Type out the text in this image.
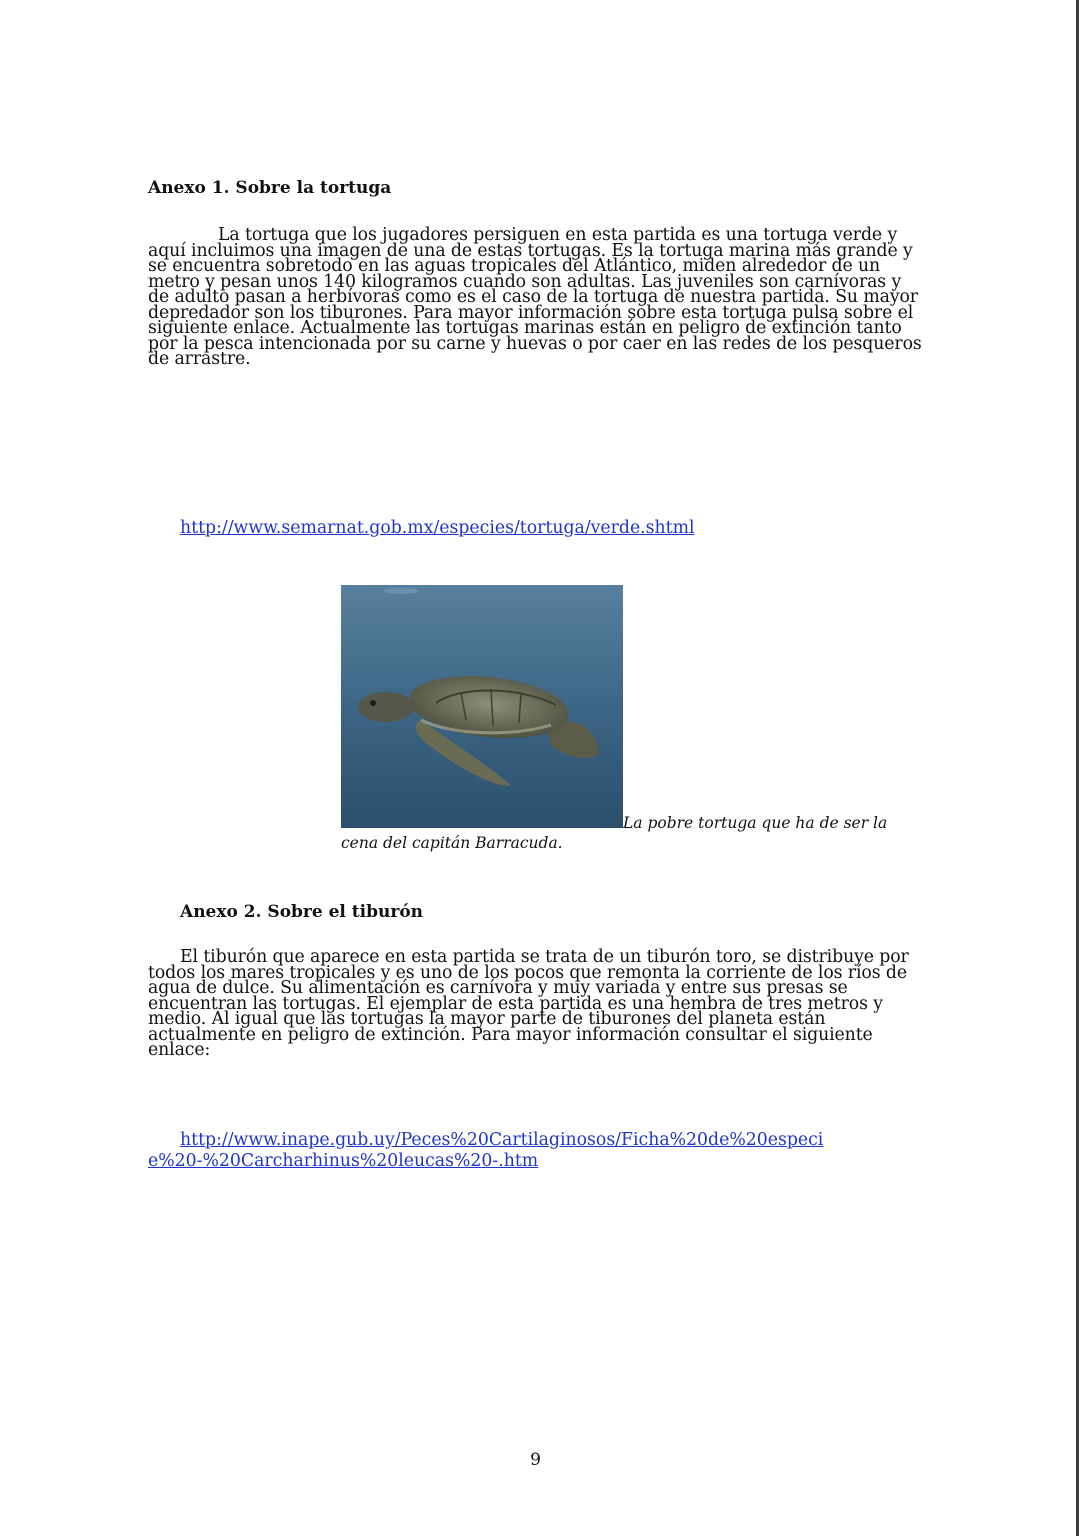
Anexo 1. Sobre la tortuga

La tortuga que los jugadores persiguen en esta partida es una tortuga verde y aquí incluimos una imagen de una de estas tortugas. Es la tortuga marina más grande y se encuentra sobretodo en las aguas tropicales del Atlántico, miden alrededor de un metro y pesan unos 140 kilogramos cuando son adultas. Las juveniles son carnívoras y de adulto pasan a herbívoras como es el caso de la tortuga de nuestra partida. Su mayor depredador son los tiburones. Para mayor información sobre esta tortuga pulsa sobre el siguiente enlace. Actualmente las tortugas marinas están en peligro de extinción tanto por la pesca intencionada por su carne y huevas o por caer en las redes de los pesqueros de arrastre.

http://www.semarnat.gob.mx/especies/tortuga/verde.shtml

La pobre tortuga que ha de ser la

cena del capitán Barracuda.

Anexo 2. Sobre el tiburón

El tiburón que aparece en esta partida se trata de un tiburón toro, se distribuye por todos los mares tropicales y es uno de los pocos que remonta la corriente de los ríos de agua de dulce. Su alimentación es carnívora y muy variada y entre sus presas se encuentran las tortugas. El ejemplar de esta partida es una hembra de tres metros y medio. Al igual que las tortugas la mayor parte de tiburones del planeta están actualmente en peligro de extinción. Para mayor información consultar el siguiente enlace:

http://www.inape.gub.uy/Peces%20Cartilaginosos/Ficha%20de%20especi
e%20-%20Carcharhinus%20leucas%20-.htm

9
